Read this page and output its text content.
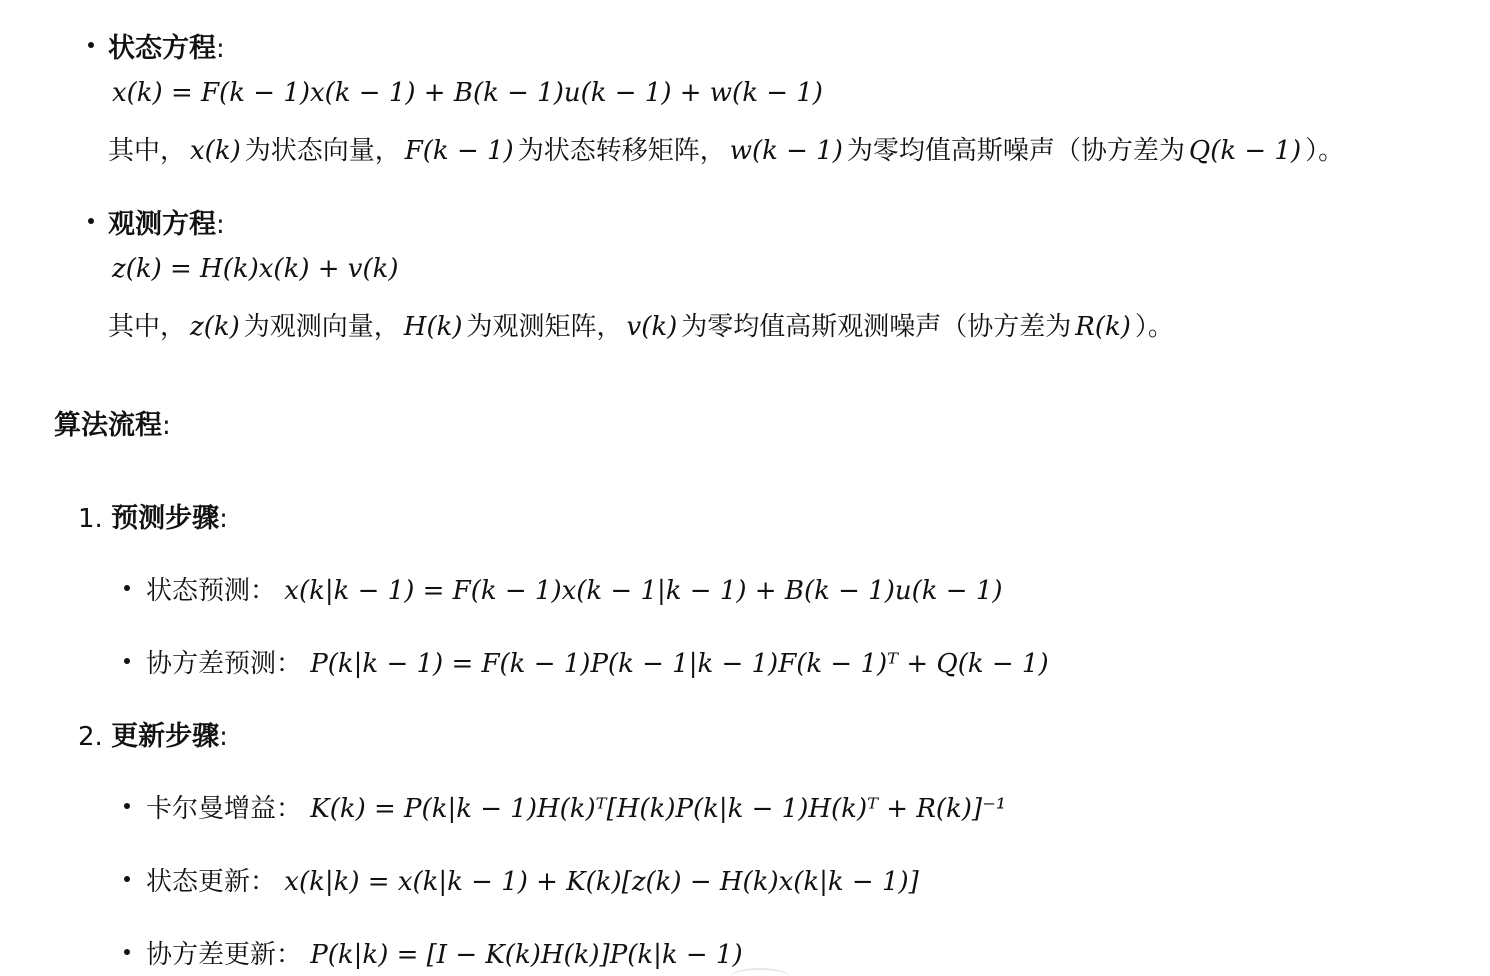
状态方程:
x(k) = F(k − 1)x(k − 1) + B(k − 1)u(k − 1) + w(k − 1)
其中， x(k) 为状态向量， F(k − 1) 为状态转移矩阵， w(k − 1) 为零均值高斯噪声（协方差为 Q(k − 1) ）。
观测方程:
z(k) = H(k)x(k) + v(k)
其中， z(k) 为观测向量， H(k) 为观测矩阵， v(k) 为零均值高斯观测噪声（协方差为 R(k) ）。
算法流程:
1. 预测步骤:
状态预测： x(k|k − 1) = F(k − 1)x(k − 1|k − 1) + B(k − 1)u(k − 1)
协方差预测： P(k|k − 1) = F(k − 1)P(k − 1|k − 1)F(k − 1)ᵀ + Q(k − 1)
2. 更新步骤:
卡尔曼增益： K(k) = P(k|k − 1)H(k)ᵀ[H(k)P(k|k − 1)H(k)ᵀ + R(k)]⁻¹
状态更新： x(k|k) = x(k|k − 1) + K(k)[z(k) − H(k)x(k|k − 1)]
协方差更新： P(k|k) = [I − K(k)H(k)]P(k|k − 1)
